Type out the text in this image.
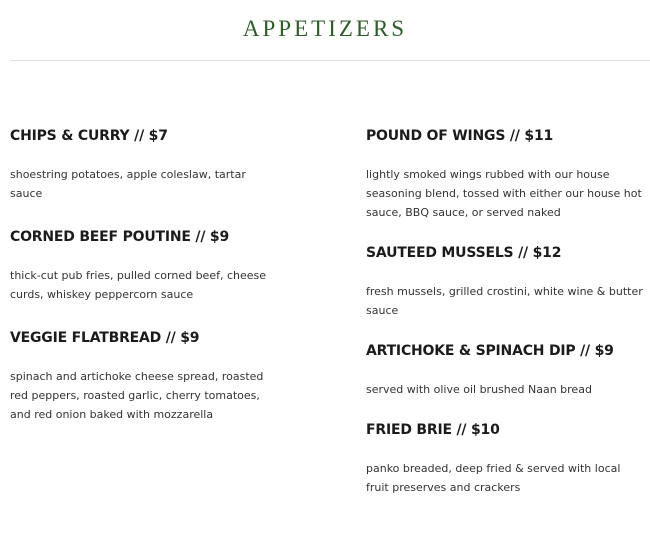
APPETIZERS
CHIPS & CURRY // $7
shoestring potatoes, apple coleslaw, tartar sauce
CORNED BEEF POUTINE // $9
thick-cut pub fries, pulled corned beef, cheese curds, whiskey peppercorn sauce
VEGGIE FLATBREAD // $9
spinach and artichoke cheese spread, roasted red peppers, roasted garlic, cherry tomatoes, and red onion baked with mozzarella
POUND OF WINGS // $11
lightly smoked wings rubbed with our house seasoning blend, tossed with either our house hot sauce, BBQ sauce, or served naked
SAUTEED MUSSELS // $12
fresh mussels, grilled crostini, white wine & butter sauce
ARTICHOKE & SPINACH DIP // $9
served with olive oil brushed Naan bread
FRIED BRIE // $10
panko breaded, deep fried & served with local fruit preserves and crackers
